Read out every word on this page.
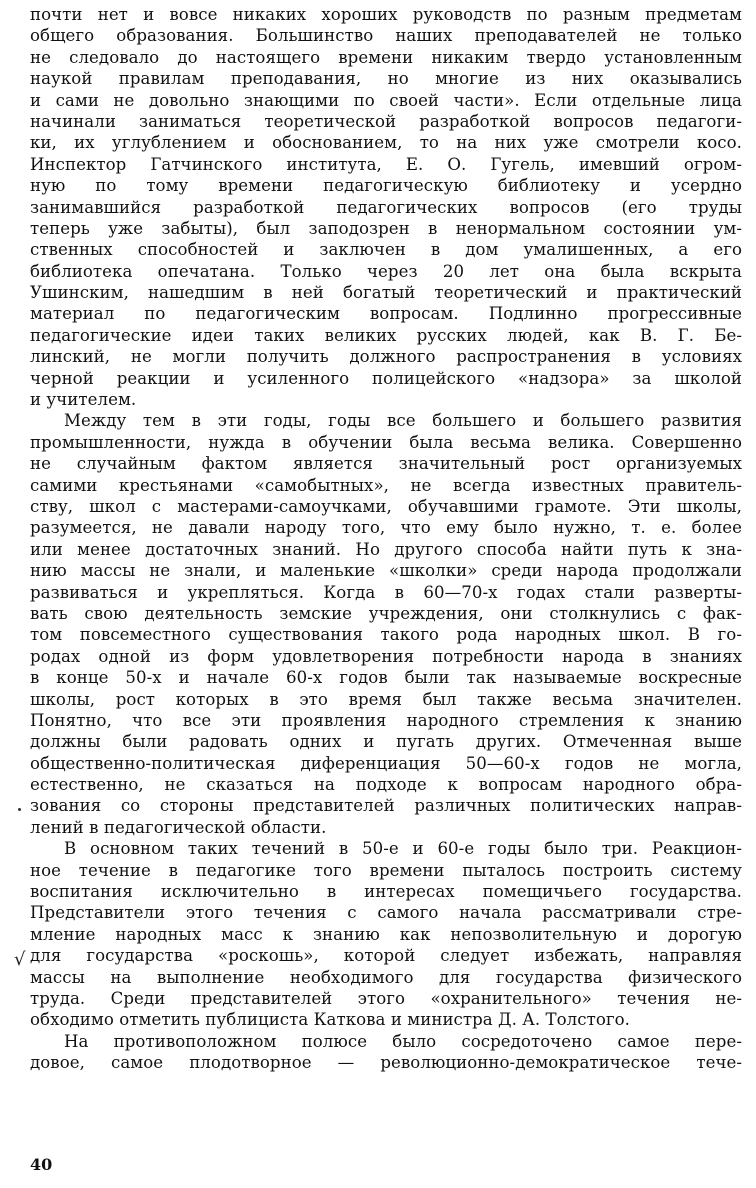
почти нет и вовсе никаких хороших руководств по разным предметам
общего образования. Большинство наших преподавателей не только
не следовало до настоящего времени никаким твердо установленным
наукой правилам преподавания, но многие из них оказывались
и сами не довольно знающими по своей части». Если отдельные лица
начинали заниматься теоретической разработкой вопросов педагоги-
ки, их углублением и обоснованием, то на них уже смотрели косо.
Инспектор Гатчинского института, Е. О. Гугель, имевший огром-
ную по тому времени педагогическую библиотеку и усердно
занимавшийся разработкой педагогических вопросов (его труды
теперь уже забыты), был заподозрен в ненормальном состоянии ум-
ственных способностей и заключен в дом умалишенных, а его
библиотека опечатана. Только через 20 лет она была вскрыта
Ушинским, нашедшим в ней богатый теоретический и практический
материал по педагогическим вопросам. Подлинно прогрессивные
педагогические идеи таких великих русских людей, как В. Г. Бе-
линский, не могли получить должного распространения в условиях
черной реакции и усиленного полицейского «надзора» за школой
и учителем.
Между тем в эти годы, годы все большего и большего развития
промышленности, нужда в обучении была весьма велика. Совершенно
не случайным фактом является значительный рост организуемых
самими крестьянами «самобытных», не всегда известных правитель-
ству, школ с мастерами-самоучками, обучавшими грамоте. Эти школы,
разумеется, не давали народу того, что ему было нужно, т. е. более
или менее достаточных знаний. Но другого способа найти путь к зна-
нию массы не знали, и маленькие «школки» среди народа продолжали
развиваться и укрепляться. Когда в 60—70-х годах стали разверты-
вать свою деятельность земские учреждения, они столкнулись с фак-
том повсеместного существования такого рода народных школ. В го-
родах одной из форм удовлетворения потребности народа в знаниях
в конце 50-х и начале 60-х годов были так называемые воскресные
школы, рост которых в это время был также весьма значителен.
Понятно, что все эти проявления народного стремления к знанию
должны были радовать одних и пугать других. Отмеченная выше
общественно-политическая диференциация 50—60-х годов не могла,
естественно, не сказаться на подходе к вопросам народного обра-
зования со стороны представителей различных политических направ-
лений в педагогической области.
В основном таких течений в 50-е и 60-е годы было три. Реакцион-
ное течение в педагогике того времени пыталось построить систему
воспитания исключительно в интересах помещичьего государства.
Представители этого течения с самого начала рассматривали стре-
мление народных масс к знанию как непозволительную и дорогую
для государства «роскошь», которой следует избежать, направляя
массы на выполнение необходимого для государства физического
труда. Среди представителей этого «охранительного» течения не-
обходимо отметить публициста Каткова и министра Д. А. Толстого.
На противоположном полюсе было сосредоточено самое пере-
довое, самое плодотворное — революционно-демократическое тече-
√
40
